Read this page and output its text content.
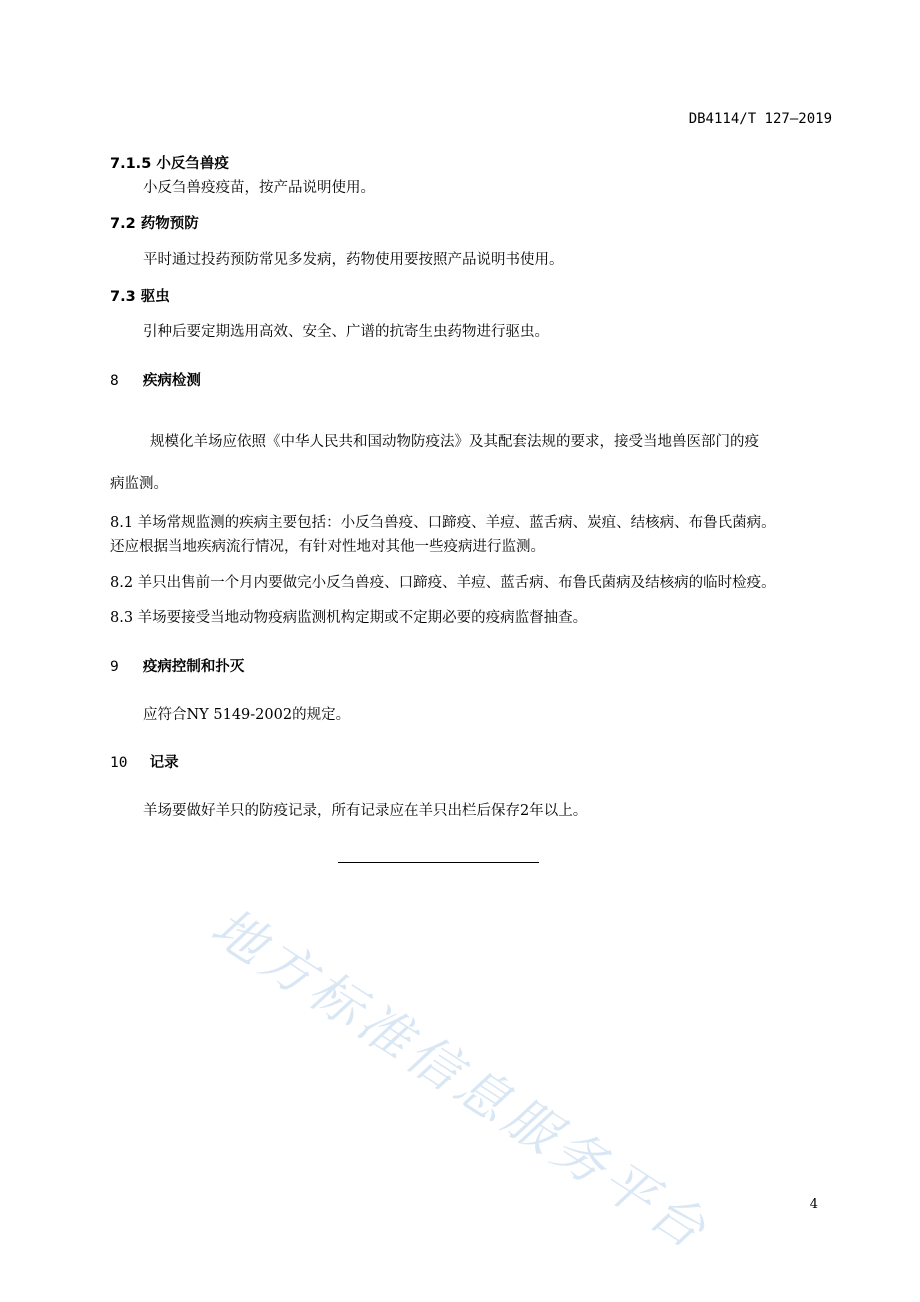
DB4114/T 127—2019
7.1.5 小反刍兽疫
小反刍兽疫疫苗，按产品说明使用。
7.2 药物预防
平时通过投药预防常见多发病，药物使用要按照产品说明书使用。
7.3 驱虫
引种后要定期选用高效、安全、广谱的抗寄生虫药物进行驱虫。
8 疾病检测
规模化羊场应依照《中华人民共和国动物防疫法》及其配套法规的要求，接受当地兽医部门的疫
病监测。
8.1 羊场常规监测的疾病主要包括：小反刍兽疫、口蹄疫、羊痘、蓝舌病、炭疽、结核病、布鲁氏菌病。
还应根据当地疾病流行情况，有针对性地对其他一些疫病进行监测。
8.2 羊只出售前一个月内要做完小反刍兽疫、口蹄疫、羊痘、蓝舌病、布鲁氏菌病及结核病的临时检疫。
8.3 羊场要接受当地动物疫病监测机构定期或不定期必要的疫病监督抽查。
9 疫病控制和扑灭
应符合NY 5149-2002的规定。
10 记录
羊场要做好羊只的防疫记录，所有记录应在羊只出栏后保存2年以上。
地方标准信息服务平台	4
